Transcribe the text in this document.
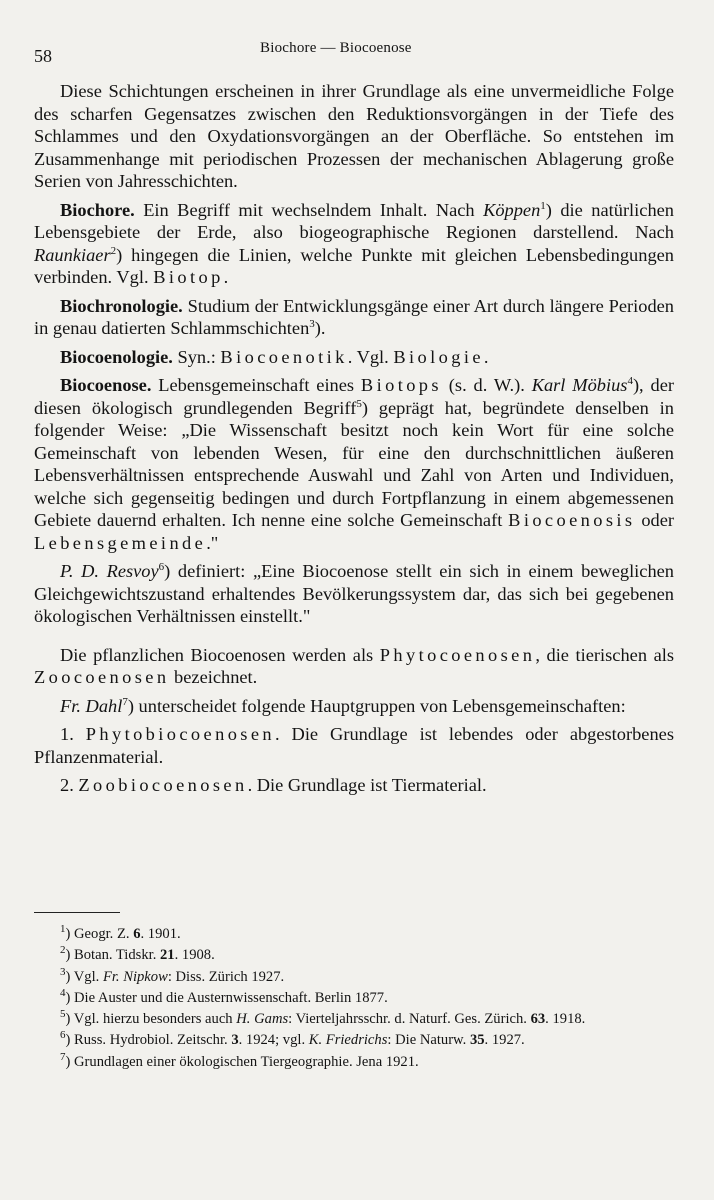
58	Biochore — Biocoenose

Diese Schichtungen erscheinen in ihrer Grundlage als eine unvermeidliche Folge des scharfen Gegensatzes zwischen den Reduktionsvorgängen in der Tiefe des Schlammes und den Oxydationsvorgängen an der Oberfläche. So entstehen im Zusammenhange mit periodischen Prozessen der mechanischen Ablagerung große Serien von Jahresschichten.

Biochore. Ein Begriff mit wechselndem Inhalt. Nach Köppen$^1$) die natürlichen Lebensgebiete der Erde, also biogeographische Regionen darstellend. Nach Raunkiaer$^2$) hingegen die Linien, welche Punkte mit gleichen Lebensbedingungen verbinden. Vgl. Biotop.

Biochronologie. Studium der Entwicklungsgänge einer Art durch längere Perioden in genau datierten Schlammschichten$^3$).

Biocoenologie. Syn.: Biocoenotik. Vgl. Biologie.

Biocoenose. Lebensgemeinschaft eines Biotops (s. d. W.). Karl Möbius$^4$), der diesen ökologisch grundlegenden Begriff$^5$) geprägt hat, begründete denselben in folgender Weise: „Die Wissenschaft besitzt noch kein Wort für eine solche Gemeinschaft von lebenden Wesen, für eine den durchschnittlichen äußeren Lebensverhältnissen entsprechende Auswahl und Zahl von Arten und Individuen, welche sich gegenseitig bedingen und durch Fortpflanzung in einem abgemessenen Gebiete dauernd erhalten. Ich nenne eine solche Gemeinschaft Biocoenosis oder Lebensgemeinde."

P. D. Resvoy$^6$) definiert: „Eine Biocoenose stellt ein sich in einem beweglichen Gleichgewichtszustand erhaltendes Bevölkerungssystem dar, das sich bei gegebenen ökologischen Verhältnissen einstellt."

Die pflanzlichen Biocoenosen werden als Phytocoenosen, die tierischen als Zoocoenosen bezeichnet.

Fr. Dahl$^7$) unterscheidet folgende Hauptgruppen von Lebensgemeinschaften:

1. Phytobiocoenosen. Die Grundlage ist lebendes oder abgestorbenes Pflanzenmaterial.

2. Zoobiocoenosen. Die Grundlage ist Tiermaterial.

$^1$) Geogr. Z. 6. 1901.

$^2$) Botan. Tidskr. 21. 1908.

$^3$) Vgl. Fr. Nipkow: Diss. Zürich 1927.

$^4$) Die Auster und die Austernwissenschaft. Berlin 1877.

$^5$) Vgl. hierzu besonders auch H. Gams: Vierteljahrsschr. d. Naturf. Ges. Zürich. 63. 1918.

$^6$) Russ. Hydrobiol. Zeitschr. 3. 1924; vgl. K. Friedrichs: Die Naturw. 35. 1927.

$^7$) Grundlagen einer ökologischen Tiergeographie. Jena 1921.
